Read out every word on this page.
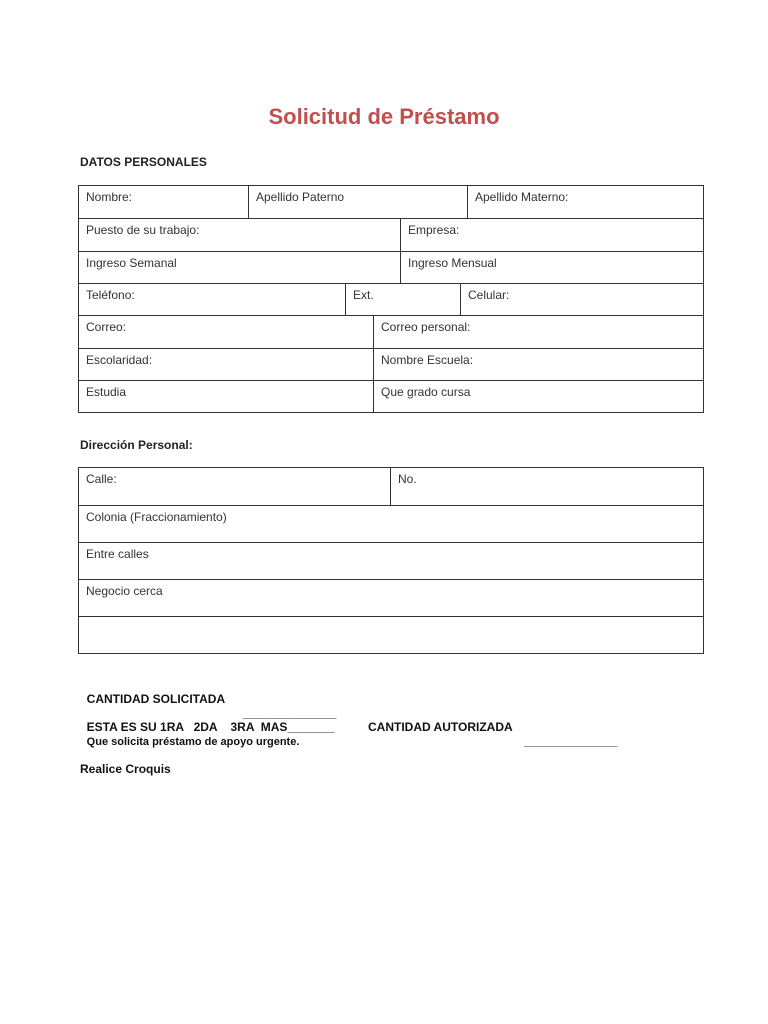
Solicitud de Préstamo
DATOS PERSONALES
Nombre:	Apellido Paterno	Apellido Materno:
Puesto de su trabajo:	Empresa:
Ingreso Semanal	Ingreso Mensual
Teléfono:	Ext.	Celular:
Correo:	Correo personal:
Escolaridad:	Nombre Escuela:
Estudia	Que grado cursa
Dirección Personal:
Calle:	No.
Colonia (Fraccionamiento)
Entre calles
Negocio cerca

CANTIDAD SOLICITADA

______________

CANTIDAD AUTORIZADA

______________

ESTA ES SU 1RA   2DA    3RA  MAS_______
Que solicita préstamo de apoyo urgente.

Realice Croquis
